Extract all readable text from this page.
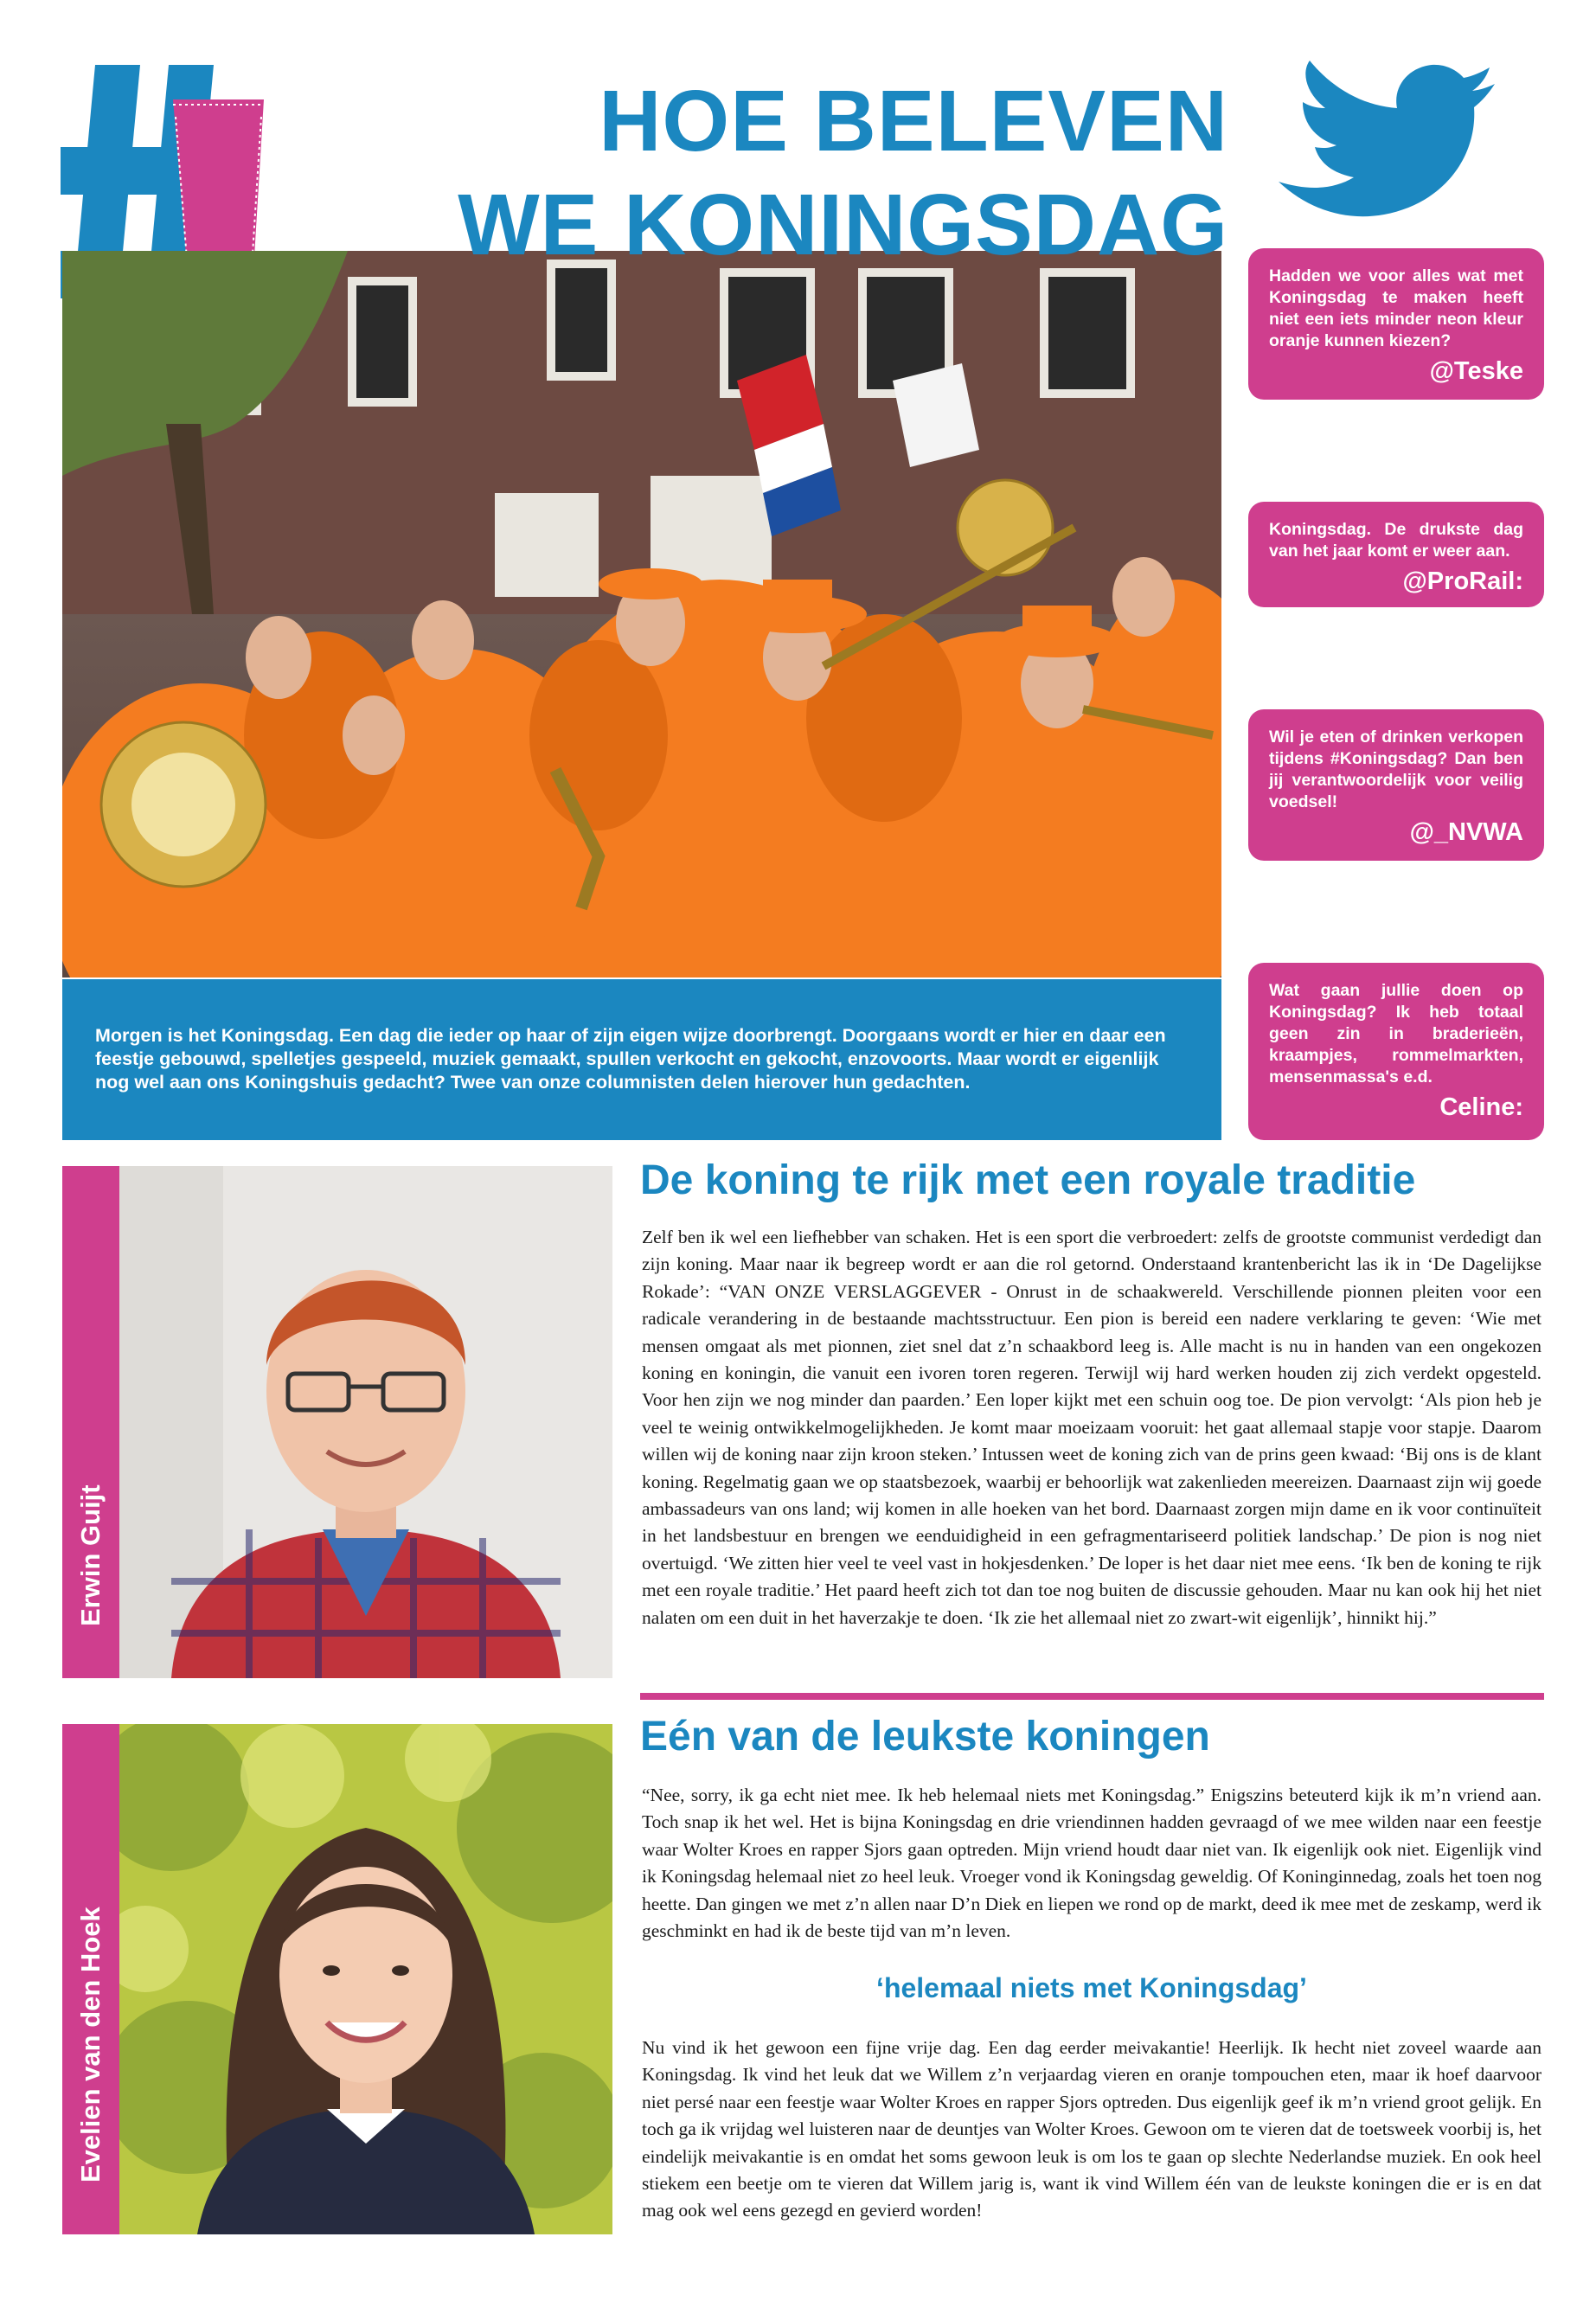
HOE BELEVEN
WE KONINGSDAG

Morgen is het Koningsdag. Een dag die ieder op haar of zijn eigen wijze doorbrengt. Doorgaans wordt er hier en daar een feestje gebouwd, spelletjes gespeeld, muziek gemaakt, spullen verkocht en gekocht, enzovoorts. Maar wordt er eigenlijk nog wel aan ons Koningshuis gedacht? Twee van onze columnisten delen hierover hun gedachten.

Hadden we voor alles wat met Koningsdag te maken heeft niet een iets minder neon kleur oranje kunnen kiezen?

@Teske

Koningsdag. De drukste dag van het jaar komt er weer aan.

@ProRail:

Wil je eten of drinken verkopen tijdens #Koningsdag? Dan ben jij verantwoordelijk voor veilig voedsel!

@_NVWA

Wat gaan jullie doen op Koningsdag? Ik heb totaal geen zin in braderieën, kraampjes, rommelmarkten, mensenmassa's e.d.

Celine:
Erwin Guijt
De koning te rijk met een royale traditie
Zelf ben ik wel een liefhebber van schaken. Het is een sport die verbroedert: zelfs de grootste communist verdedigt dan zijn koning. Maar naar ik begreep wordt er aan die rol getornd. Onderstaand krantenbericht las ik in ‘De Dagelijkse Rokade’: “VAN ONZE VERSLAGGEVER - Onrust in de schaakwereld. Verschillende pionnen pleiten voor een radicale verandering in de bestaande machtsstructuur. Een pion is bereid een nadere verklaring te geven: ‘Wie met mensen omgaat als met pionnen, ziet snel dat z’n schaakbord leeg is. Alle macht is nu in handen van een ongekozen koning en koningin, die vanuit een ivoren toren regeren. Terwijl wij hard werken houden zij zich verdekt opgesteld. Voor hen zijn we nog minder dan paarden.’ Een loper kijkt met een schuin oog toe. De pion vervolgt: ‘Als pion heb je veel te weinig ontwikkelmogelijkheden. Je komt maar moeizaam vooruit: het gaat allemaal stapje voor stapje. Daarom willen wij de koning naar zijn kroon steken.’ Intussen weet de koning zich van de prins geen kwaad: ‘Bij ons is de klant koning. Regelmatig gaan we op staatsbezoek, waarbij er behoorlijk wat zakenlieden meereizen. Daarnaast zijn wij goede ambassadeurs van ons land; wij komen in alle hoeken van het bord. Daarnaast zorgen mijn dame en ik voor continuïteit in het landsbestuur en brengen we eenduidigheid in een gefragmentariseerd politiek landschap.’ De pion is nog niet overtuigd. ‘We zitten hier veel te veel vast in hokjesdenken.’ De loper is het daar niet mee eens. ‘Ik ben de koning te rijk met een royale traditie.’ Het paard heeft zich tot dan toe nog buiten de discussie gehouden. Maar nu kan ook hij het niet nalaten om een duit in het haverzakje te doen. ‘Ik zie het allemaal niet zo zwart-wit eigenlijk’, hinnikt hij.”
Evelien van den Hoek
Eén van de leukste koningen
“Nee, sorry, ik ga echt niet mee. Ik heb helemaal niets met Koningsdag.” Enigszins beteuterd kijk ik m’n vriend aan. Toch snap ik het wel. Het is bijna Koningsdag en drie vriendinnen hadden gevraagd of we mee wilden naar een feestje waar Wolter Kroes en rapper Sjors gaan optreden. Mijn vriend houdt daar niet van. Ik eigenlijk ook niet. Eigenlijk vind ik Koningsdag helemaal niet zo heel leuk. Vroeger vond ik Koningsdag geweldig. Of Koninginnedag, zoals het toen nog heette. Dan gingen we met z’n allen naar D’n Diek en liepen we rond op de markt, deed ik mee met de zeskamp, werd ik geschminkt en had ik de beste tijd van m’n leven.
‘helemaal niets met Koningsdag’
Nu vind ik het gewoon een fijne vrije dag. Een dag eerder meivakantie! Heerlijk. Ik hecht niet zoveel waarde aan Koningsdag. Ik vind het leuk dat we Willem z’n verjaardag vieren en oranje tompouchen eten, maar ik hoef daarvoor niet persé naar een feestje waar Wolter Kroes en rapper Sjors optreden. Dus eigenlijk geef ik m’n vriend groot gelijk. En toch ga ik vrijdag wel luisteren naar de deuntjes van Wolter Kroes. Gewoon om te vieren dat de toetsweek voorbij is, het eindelijk meivakantie is en omdat het soms gewoon leuk is om los te gaan op slechte Nederlandse muziek. En ook heel stiekem een beetje om te vieren dat Willem jarig is, want ik vind Willem één van de leukste koningen die er is en dat mag ook wel eens gezegd en gevierd worden!
